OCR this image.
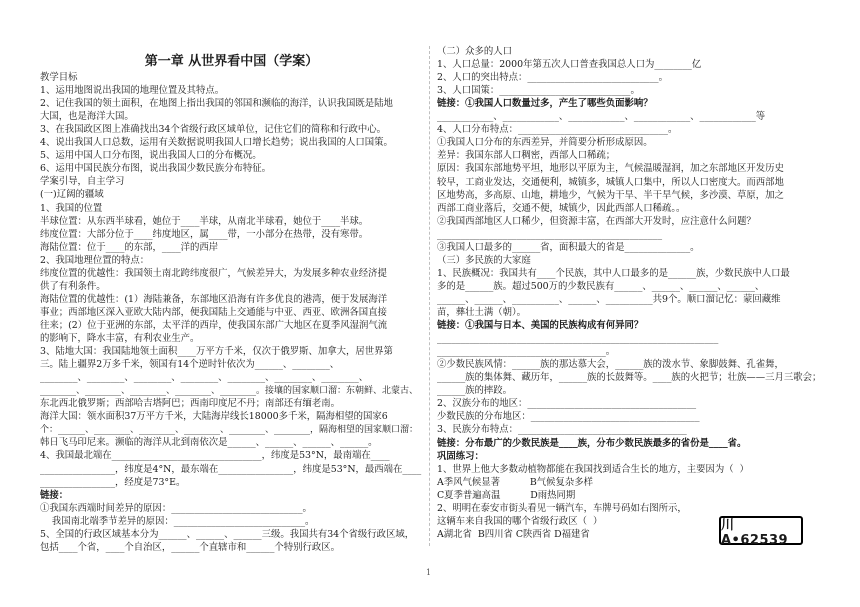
第一章 从世界看中国（学案）
教学目标
1、运用地图说出我国的地理位置及其特点。
2、记住我国的领土面积，在地图上指出我国的邻国和濒临的海洋，认识我国既是陆地
大国，也是海洋大国。
3、在我国政区图上准确找出34个省级行政区域单位，记住它们的简称和行政中心。
4、说出我国人口总数，运用有关数据说明我国人口增长趋势；说出我国的人口国策。
5、运用中国人口分布图，说出我国人口的分布概况。
6、运用中国民族分布图，说出我国少数民族分布特征。
学案引导，自主学习
(一)辽阔的疆域
1、我国的位置
半球位置：从东西半球看，她位于____半球，从南北半球看，她位于____半球。
纬度位置：大部分位于____纬度地区，属____带，一小部分在热带，没有寒带。
海陆位置：位于____的东部，____洋的西岸
2、我国地理位置的特点：
纬度位置的优越性：我国领土南北跨纬度很广，气候差异大，为发展多种农业经济提
供了有利条件。
海陆位置的优越性：(1）海陆兼备，东部地区沿海有许多优良的港湾，便于发展海洋
事业；西部地区深入亚欧大陆内部，便我国陆上交通能与中亚、西亚、欧洲各国直接
往来；(2）位于亚洲的东部，太平洋的西岸，使我国东部广大地区在夏季风湿润气流
的影响下，降水丰富，有利农业生产。
3、陆地大国：我国陆地领土面积____万平方千米，仅次于俄罗斯、加拿大，居世界第
三。陆上疆界2万多千米，领国有14个逆时针依次为______、________、
________、________、________、________、________、________、________、
________、________、________、________、________。接壤的国家顺口溜：东朝鲜、北蒙古、
东北西北俄罗斯；西部哈吉塔阿巴；西南印度尼不丹；南部还有缅老南。
海洋大国：领水面积37万平方千米，大陆海岸线长18000多千米，隔海相望的国家6
个：______、________、________、________、________、________，隔海相望的国家顺口溜：
韩日飞马印尼来。濒临的海洋从北到南依次是______、______、______、______。
4、我国最北端在________________________________，纬度是53°N，最南端在____
________________，纬度是4°N，最东端在________________，纬度是53°N，最西端在____
________________，经度是73°E。
链接：
①我国东西端时间差异的原因：____________________________。
我国南北端季节差异的原因：____________________________。
5、全国的行政区域基本分为______、______、______三级。我国共有34个省级行政区域，
包括____个省，____个自治区，______个直辖市和______个特别行政区。
（二）众多的人口
1、人口总量：2000年第五次人口普查我国总人口为________亿
2、人口的突出特点：____________________________。
3、人口国策：____________________________。
链接：①我国人口数量过多，产生了哪些负面影响？
____________、____________、____________、____________、____________等
4、人口分布特点：________________________________。
①我国人口分布的东西差异，并简要分析形成原因。
差异：我国东部人口稠密，西部人口稀疏；
原因：我国东部地势平坦，地形以平原为主，气候温暖湿润，加之东部地区开发历史
较早，工商业发达，交通便利，城镇多，城镇人口集中，所以人口密度大。而西部地
区地势高，多高原、山地，耕地少，气候为干旱、半干旱气候，多沙漠、草原，加之
西部工商业落后，交通不便，城镇少，因此西部人口稀疏。。
②我国西部地区人口稀少，但资源丰富，在西部大开发时，应注意什么问题？
________________________________________________
③我国人口最多的______省，面积最大的省是______________。
（三）多民族的大家庭
1、民族概况：我国共有____个民族，其中人口最多的是______族，少数民族中人口最
多的是______族。超过500万的少数民族有______、______、______、______、
______、______、__________、______、__________共9个。顺口溜记忆：蒙回藏维
苗，彝壮土满（朝）。
链接：①我国与日本、美国的民族构成有何异同？
____________________________________________________________
____________________________________。
②少数民族风情：______族的那达慕大会，______族的泼水节、象脚鼓舞、孔雀舞，
______族的集体舞、藏历年，______族的长鼓舞等。____族的火把节；壮族——三月三歌会；
______族的摔跤。
2、汉族分布的地区：____________________________________
少数民族的分布地区：____________________________________
3、民族分布特点：____________________________________
链接：分布最广的少数民族是____族，分布少数民族最多的省份是____省。
巩固练习：
1、世界上他大多数动植物都能在我国找到适合生长的地方，主要因为（  ）
A季风气候显著          B气候复杂多样
C夏季普遍高温          D雨热同期
2、明明在泰安市街头看见一辆汽车，车牌号码如右图所示，
这辆车来自我国的哪个省级行政区（  ）
A湖北省  B四川省 C陕西省 D福建省
川A•62539
1
